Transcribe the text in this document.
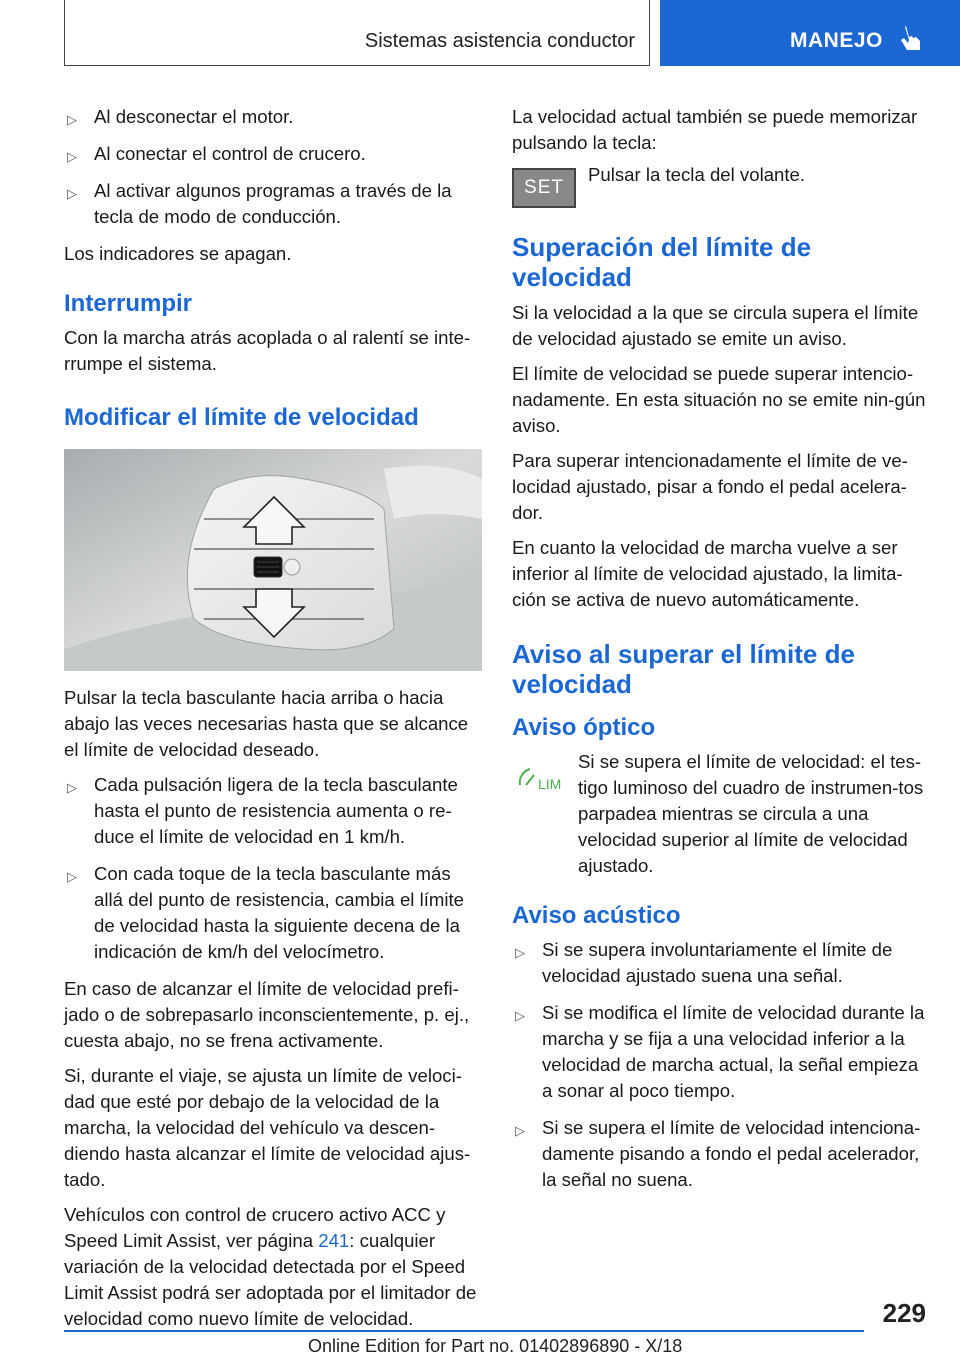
Sistemas asistencia conductor	MANEJO
▷ Al desconectar el motor.
▷ Al conectar el control de crucero.
▷ Al activar algunos programas a través de la tecla de modo de conducción.

Los indicadores se apagan.

Interrumpir

Con la marcha atrás acoplada o al ralentí se inte‐rrumpe el sistema.

Modificar el límite de velocidad

Pulsar la tecla basculante hacia arriba o hacia abajo las veces necesarias hasta que se alcance el límite de velocidad deseado.

▷ Cada pulsación ligera de la tecla basculante hasta el punto de resistencia aumenta o re‐duce el límite de velocidad en 1 km/h.
▷ Con cada toque de la tecla basculante más allá del punto de resistencia, cambia el límite de velocidad hasta la siguiente decena de la indicación de km/h del velocímetro.

En caso de alcanzar el límite de velocidad prefi‐jado o de sobrepasarlo inconscientemente, p. ej., cuesta abajo, no se frena activamente.

Si, durante el viaje, se ajusta un límite de veloci‐dad que esté por debajo de la velocidad de la marcha, la velocidad del vehículo va descen‐diendo hasta alcanzar el límite de velocidad ajus‐tado.

Vehículos con control de crucero activo ACC y Speed Limit Assist, ver página 241: cualquier variación de la velocidad detectada por el Speed Limit Assist podrá ser adoptada por el limitador de velocidad como nuevo límite de velocidad.

La velocidad actual también se puede memorizar pulsando la tecla:

SET
Pulsar la tecla del volante.
Superación del límite de velocidad

Si la velocidad a la que se circula supera el límite de velocidad ajustado se emite un aviso.

El límite de velocidad se puede superar intencio‐nadamente. En esta situación no se emite nin‐gún aviso.

Para superar intencionadamente el límite de ve‐locidad ajustado, pisar a fondo el pedal acelera‐dor.

En cuanto la velocidad de marcha vuelve a ser inferior al límite de velocidad ajustado, la limita‐ción se activa de nuevo automáticamente.

Aviso al superar el límite de velocidad
Aviso óptico
LIM

Si se supera el límite de velocidad: el tes‐tigo luminoso del cuadro de instrumen‐tos parpadea mientras se circula a una velocidad superior al límite de velocidad ajustado.

Aviso acústico
▷ Si se supera involuntariamente el límite de velocidad ajustado suena una señal.
▷ Si se modifica el límite de velocidad durante la marcha y se fija a una velocidad inferior a la velocidad de marcha actual, la señal empieza a sonar al poco tiempo.
▷ Si se supera el límite de velocidad intenciona‐damente pisando a fondo el pedal acelerador, la señal no suena.
229
Online Edition for Part no. 01402896890 - X/18
